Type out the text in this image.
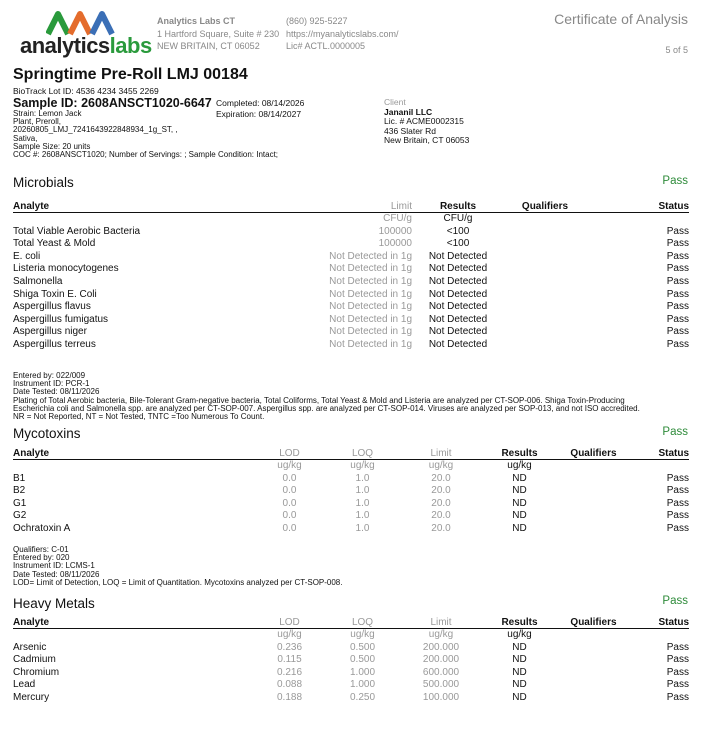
analyticslabs
Analytics Labs CT
1 Hartford Square, Suite # 230
NEW BRITAIN, CT 06052
(860) 925-5227
https://myanalyticslabs.com/
Lic# ACTL.0000005
Certificate of Analysis
5 of 5
Springtime Pre-Roll LMJ 00184
BioTrack Lot ID: 4536 4234 3455 2269
Sample ID: 2608ANSCT1020-6647 Completed: 08/14/2026
Expiration: 08/14/2027
Strain: Lemon Jack
Plant, Preroll,
20260805_LMJ_7241643922848934_1g_ST, ,
Sativa,
Sample Size: 20 units
COC #: 2608ANSCT1020; Number of Servings: ; Sample Condition: Intact;
Client
Jananil LLC
Lic. # ACME0002315
436 Slater Rd
New Britain, CT 06053
Microbials	Pass
Analyte	Limit	Results	Qualifiers	Status
	CFU/g	CFU/g		
Total Viable Aerobic Bacteria	100000	<100		Pass
Total Yeast & Mold	100000	<100		Pass
E. coli	Not Detected in 1g	Not Detected		Pass
Listeria monocytogenes	Not Detected in 1g	Not Detected		Pass
Salmonella	Not Detected in 1g	Not Detected		Pass
Shiga Toxin E. Coli	Not Detected in 1g	Not Detected		Pass
Aspergillus flavus	Not Detected in 1g	Not Detected		Pass
Aspergillus fumigatus	Not Detected in 1g	Not Detected		Pass
Aspergillus niger	Not Detected in 1g	Not Detected		Pass
Aspergillus terreus	Not Detected in 1g	Not Detected		Pass
Entered by: 022/009
Instrument ID: PCR-1
Date Tested: 08/11/2026
Plating of Total Aerobic bacteria, Bile-Tolerant Gram-negative bacteria, Total Coliforms, Total Yeast & Mold and Listeria are analyzed per CT-SOP-006. Shiga Toxin-Producing
Escherichia coli and Salmonella spp. are analyzed per CT-SOP-007. Aspergillus spp. are analyzed per CT-SOP-014. Viruses are analyzed per SOP-013, and not ISO accredited.
NR = Not Reported, NT = Not Tested, TNTC =Too Numerous To Count.
Mycotoxins	Pass
Analyte	LOD	LOQ	Limit	Results	Qualifiers	Status
	ug/kg	ug/kg	ug/kg	ug/kg		
B1	0.0	1.0	20.0	ND		Pass
B2	0.0	1.0	20.0	ND		Pass
G1	0.0	1.0	20.0	ND		Pass
G2	0.0	1.0	20.0	ND		Pass
Ochratoxin A	0.0	1.0	20.0	ND		Pass
Qualifiers: C-01
Entered by: 020
Instrument ID: LCMS-1
Date Tested: 08/11/2026
LOD= Limit of Detection, LOQ = Limit of Quantitation. Mycotoxins analyzed per CT-SOP-008.
Heavy Metals	Pass
Analyte	LOD	LOQ	Limit	Results	Qualifiers	Status
	ug/kg	ug/kg	ug/kg	ug/kg		
Arsenic	0.236	0.500	200.000	ND		Pass
Cadmium	0.115	0.500	200.000	ND		Pass
Chromium	0.216	1.000	600.000	ND		Pass
Lead	0.088	1.000	500.000	ND		Pass
Mercury	0.188	0.250	100.000	ND		Pass
